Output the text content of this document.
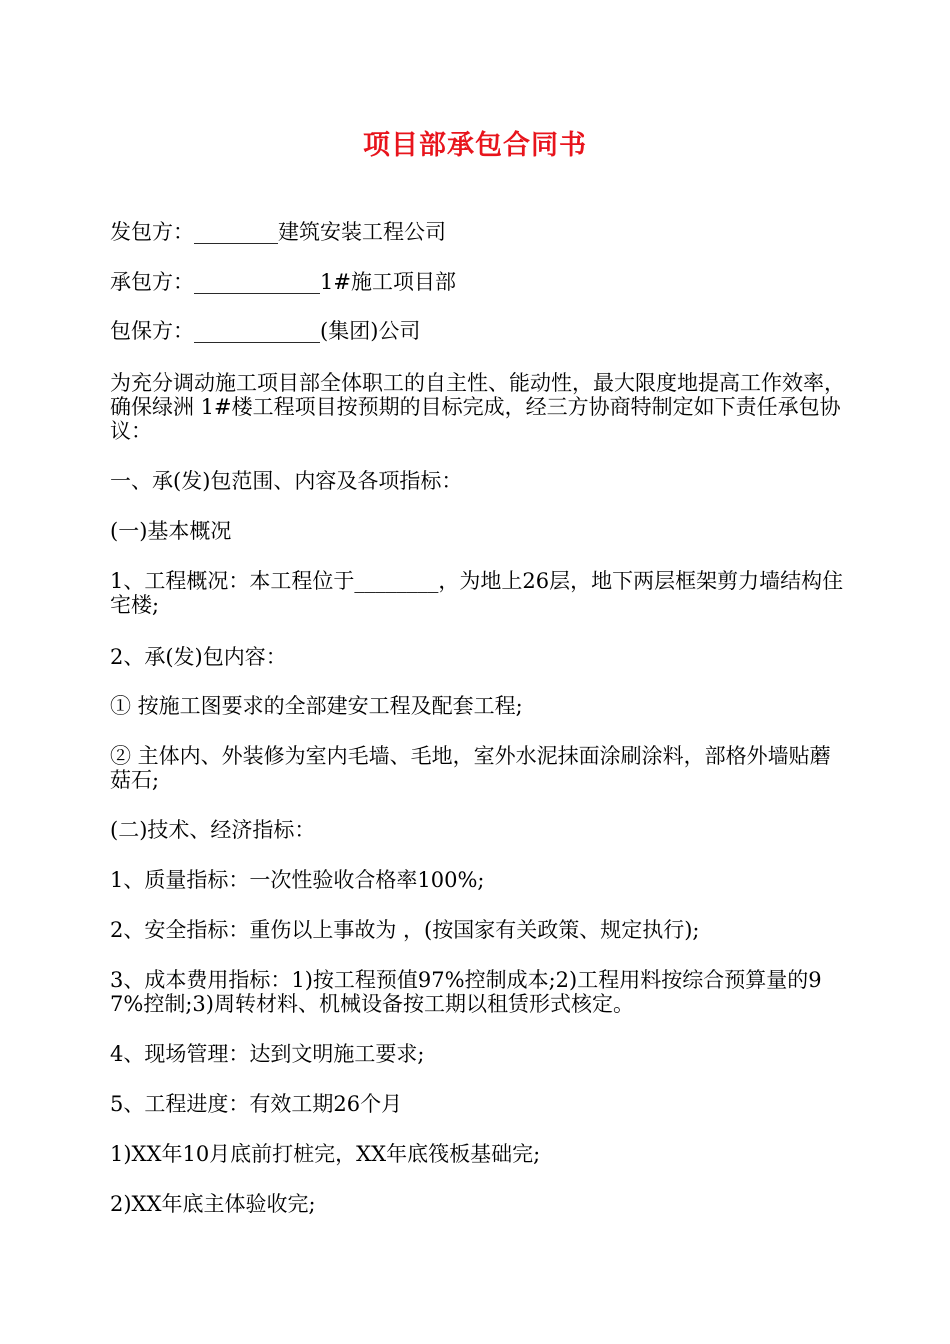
项目部承包合同书
发包方：________建筑安装工程公司
承包方：____________1#施工项目部
包保方：____________(集团)公司
为充分调动施工项目部全体职工的自主性、能动性，最大限度地提高工作效率，确保绿洲 1#楼工程项目按预期的目标完成，经三方协商特制定如下责任承包协议：
一、承(发)包范围、内容及各项指标：
(一)基本概况
1、工程概况：本工程位于________，为地上26层，地下两层框架剪力墙结构住宅楼;
2、承(发)包内容：
① 按施工图要求的全部建安工程及配套工程;
② 主体内、外装修为室内毛墙、毛地，室外水泥抹面涂刷涂料，部格外墙贴蘑菇石;
(二)技术、经济指标：
1、质量指标：一次性验收合格率100%;
2、安全指标：重伤以上事故为 ，(按国家有关政策、规定执行);
3、成本费用指标：1)按工程预值97%控制成本;2)工程用料按综合预算量的97%控制;3)周转材料、机械设备按工期以租赁形式核定。
4、现场管理：达到文明施工要求;
5、工程进度：有效工期26个月
1)XX年10月底前打桩完，XX年底筏板基础完;
2)XX年底主体验收完;
